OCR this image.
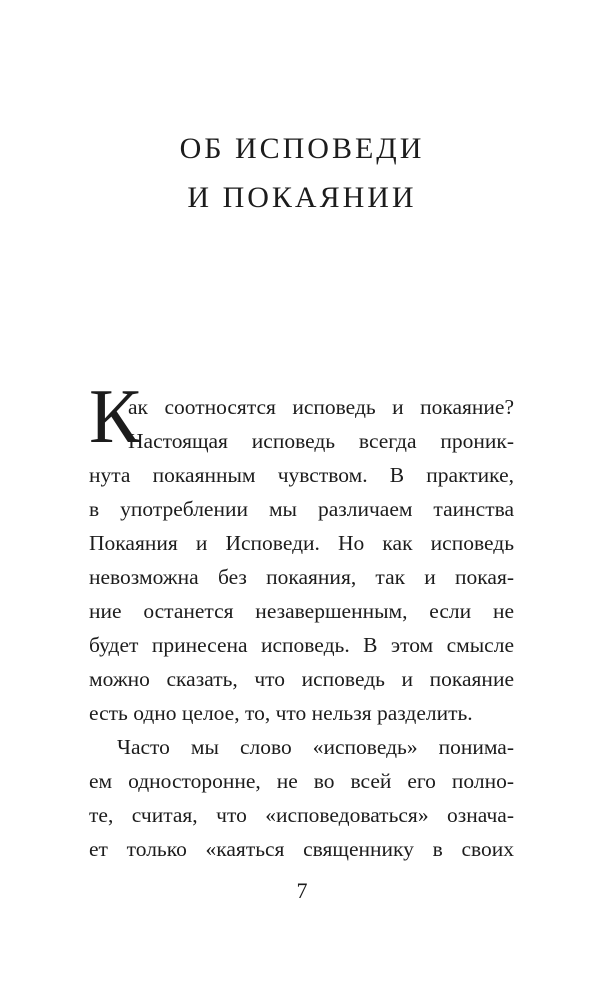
ОБ ИСПОВЕДИ
И ПОКАЯНИИ
К
ак соотносятся исповедь и покаяние?
Настоящая исповедь всегда проник-
нута покаянным чувством. В практике,
в употреблении мы различаем таинства
Покаяния и Исповеди. Но как исповедь
невозможна без покаяния, так и покая-
ние останется незавершенным, если не
будет принесена исповедь. В этом смысле
можно сказать, что исповедь и покаяние
есть одно целое, то, что нельзя разделить.
Часто мы слово «исповедь» понима-
ем односторонне, не во всей его полно-
те, считая, что «исповедоваться» означа-
ет только «каяться священнику в своих
7
